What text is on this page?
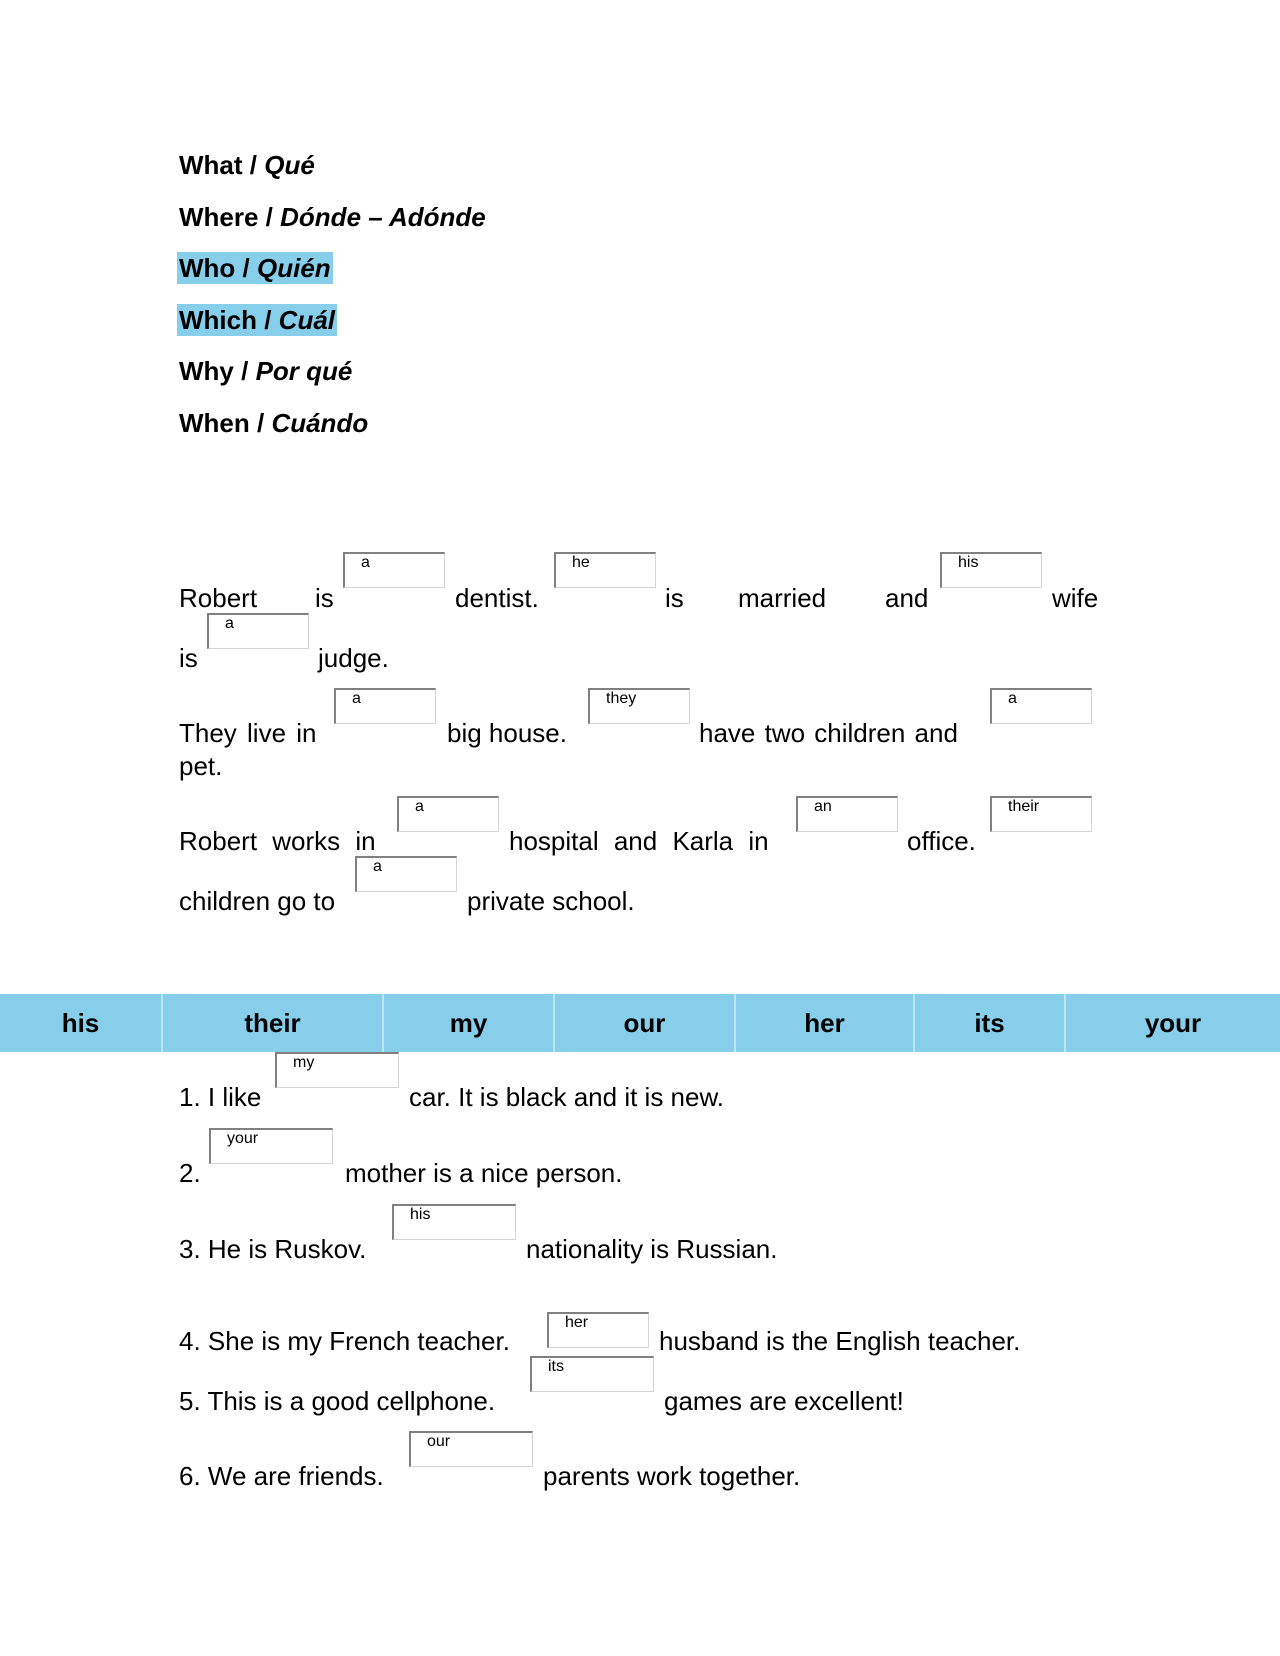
What / Qué
Where / Dónde – Adónde
Who / Quién
Which / Cuál
Why / Por qué
When / Cuándo
Robert is
a	dentist.
he	is married and
his	wife
is
a	judge.
They live in
a	big house.
they	have two children and
a
pet.
Robert works in
a	hospital and Karla in
an	office.
their
children go to
a	private school.
his	their	my	our	her	its	your
1. I like
my	car. It is black and it is new.
2.
your	mother is a nice person.
3. He is Ruskov.
his	nationality is Russian.
4. She is my French teacher.
her	husband is the English teacher.
5. This is a good cellphone.
its	games are excellent!
6. We are friends.
our	parents work together.
